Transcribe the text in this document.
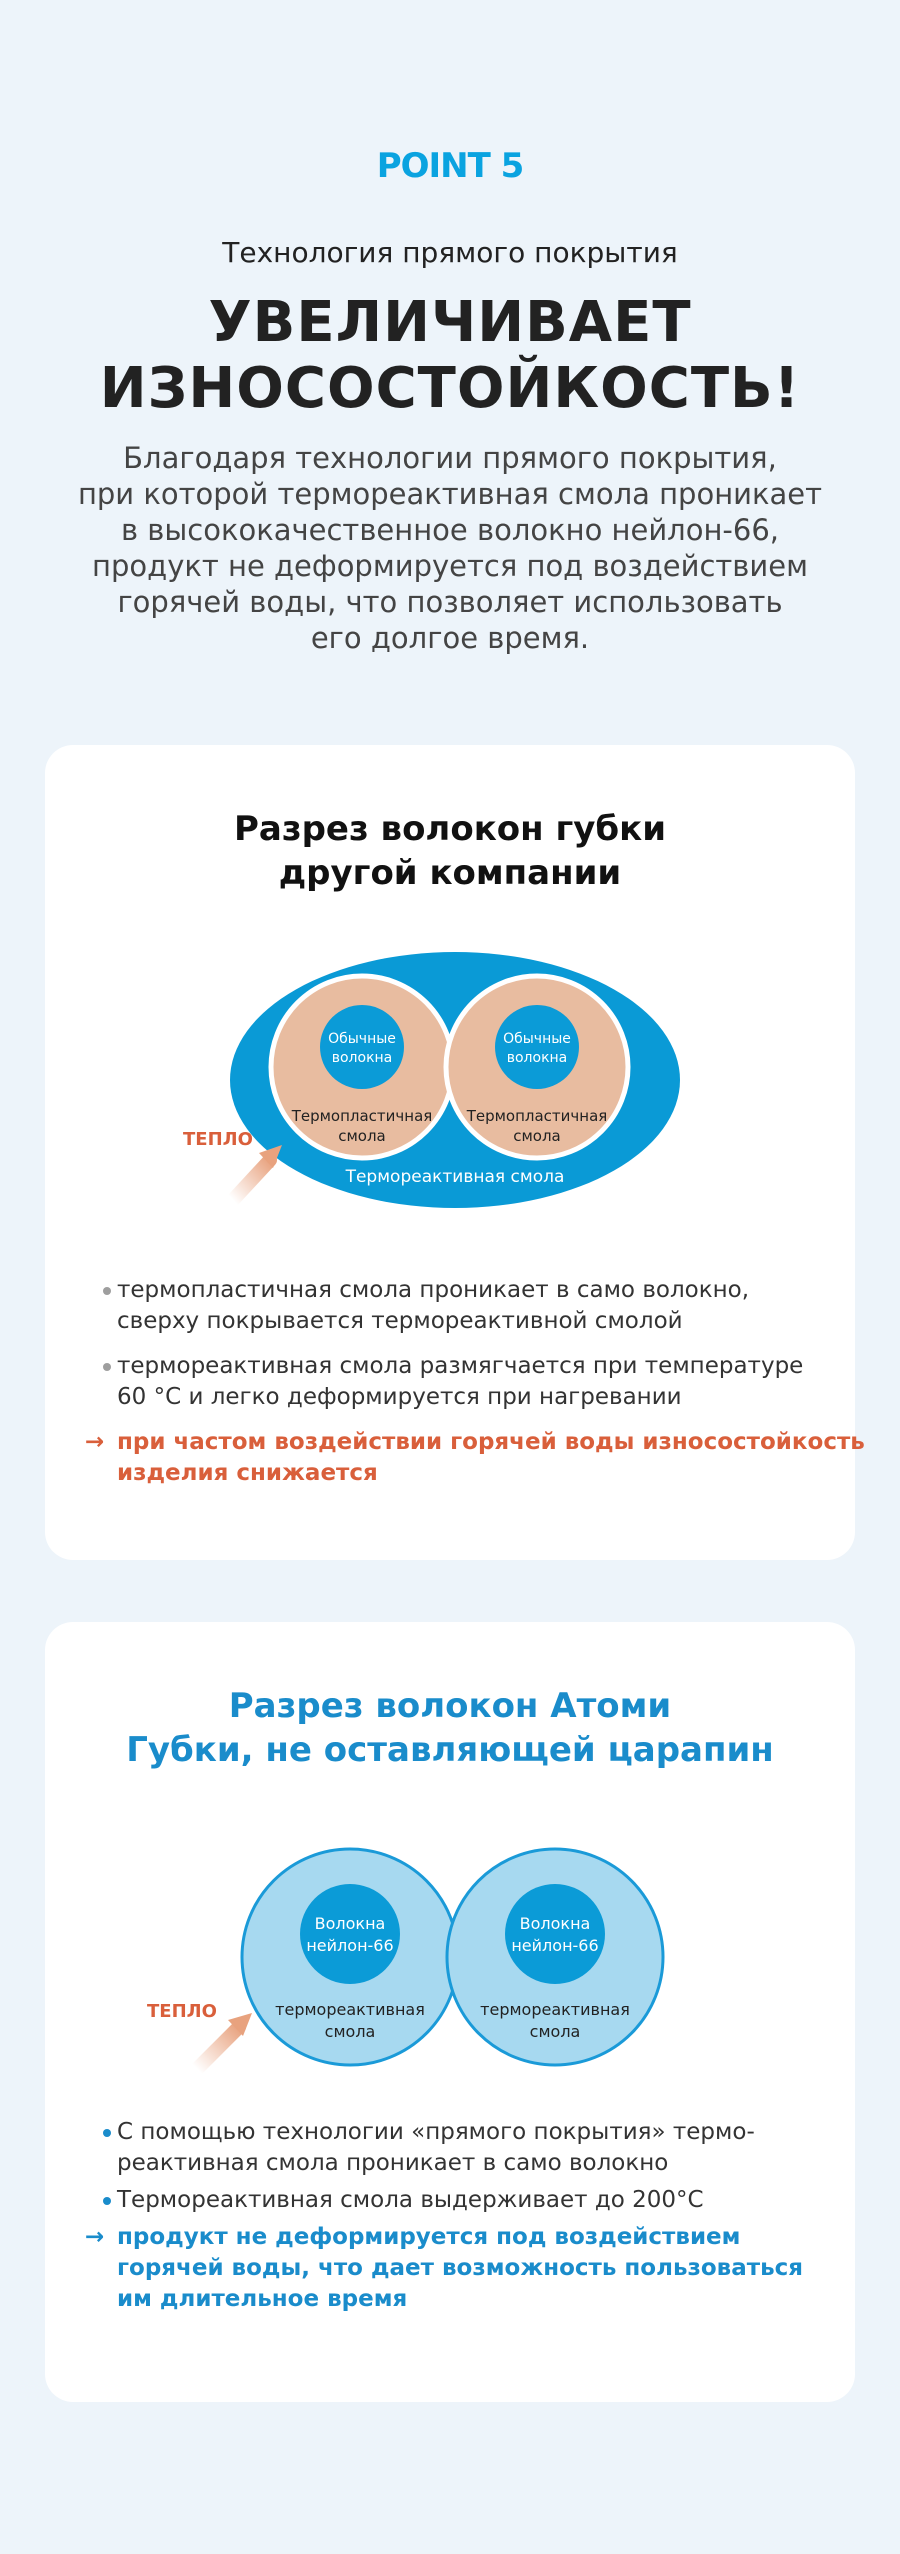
POINT 5
Технология прямого покрытия
УВЕЛИЧИВАЕТ
ИЗНОСОСТОЙКОСТЬ!
Благодаря технологии прямого покрытия,
при которой термореактивная смола проникает
в высококачественное волокно нейлон-66,
продукт не деформируется под воздействием
горячей воды, что позволяет использовать
его долгое время.
Разрез волокон губки
другой компании
Обычные
волокна
Обычные
волокна
Термопластичная
смола
Термопластичная
смола
Термореактивная смола
ТЕПЛО
термопластичная смола проникает в само волокно,
сверху покрывается термореактивной смолой
термореактивная смола размягчается при температуре
60 °С и легко деформируется при нагревании
→ при частом воздействии горячей воды износостойкость
изделия снижается
Разрез волокон Атоми
Губки, не оставляющей царапин
Волокна
нейлон-66
Волокна
нейлон-66
термореактивная
смола
термореактивная
смола
ТЕПЛО
С помощью технологии «прямого покрытия» термо-
реактивная смола проникает в само волокно
Термореактивная смола выдерживает до 200°С
→ продукт не деформируется под воздействием
горячей воды, что дает возможность пользоваться
им длительное время
